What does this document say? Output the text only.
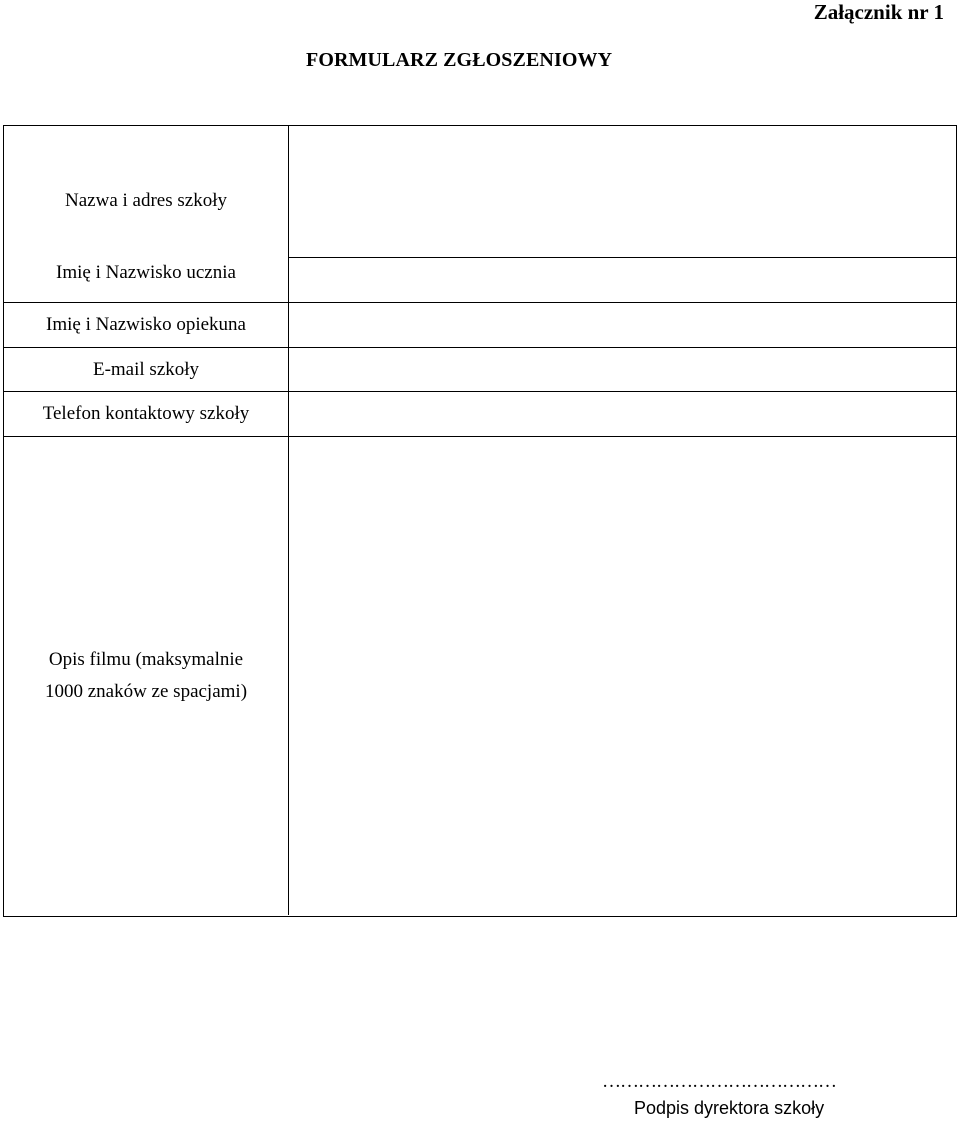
Załącznik nr 1
FORMULARZ ZGŁOSZENIOWY
Nazwa i adres szkoły
Imię i Nazwisko ucznia
Imię i Nazwisko opiekuna
E-mail szkoły
Telefon kontaktowy szkoły
Opis filmu (maksymalnie
1000 znaków ze spacjami)
…………………………………
Podpis dyrektora szkoły
